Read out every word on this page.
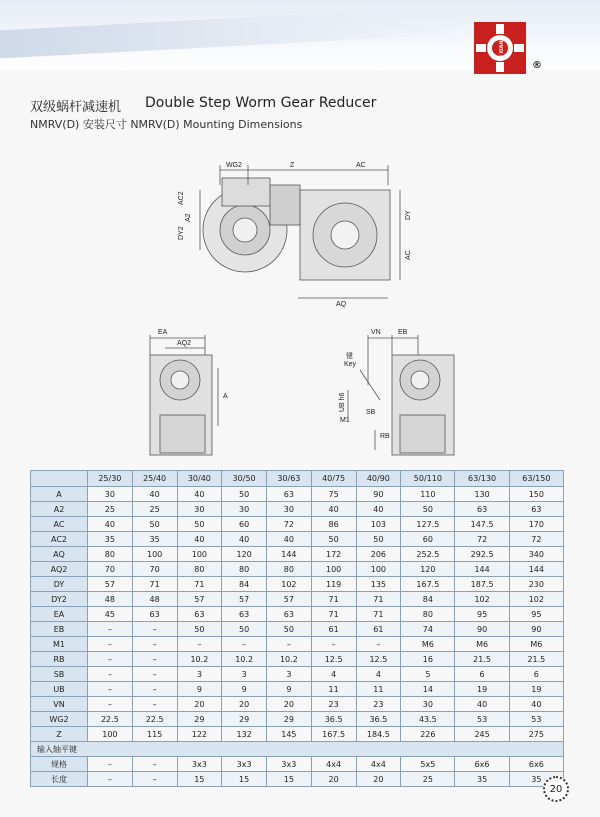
JI XIANG
®
双级蜗杆减速机 Double Step Worm Gear Reducer
NMRV(D) 安装尺寸 NMRV(D) Mounting Dimensions
WG2	Z	AC
AC2
A2
DY2
DY
AC
AQ
EA
AQ2
A
VN EB
键
Key
UB h6
SB
M1
RB
	25/30	25/40	30/40	30/50	30/63	40/75	40/90	50/110	63/130	63/150
A	30	40	40	50	63	75	90	110	130	150
A2	25	25	30	30	30	40	40	50	63	63
AC	40	50	50	60	72	86	103	127.5	147.5	170
AC2	35	35	40	40	40	50	50	60	72	72
AQ	80	100	100	120	144	172	206	252.5	292.5	340
AQ2	70	70	80	80	80	100	100	120	144	144
DY	57	71	71	84	102	119	135	167.5	187.5	230
DY2	48	48	57	57	57	71	71	84	102	102
EA	45	63	63	63	63	71	71	80	95	95
EB	–	–	50	50	50	61	61	74	90	90
M1	–	–	–	–	–	–	–	M6	M6	M6
RB	–	–	10.2	10.2	10.2	12.5	12.5	16	21.5	21.5
SB	–	–	3	3	3	4	4	5	6	6
UB	–	–	9	9	9	11	11	14	19	19
VN	–	–	20	20	20	23	23	30	40	40
WG2	22.5	22.5	29	29	29	36.5	36.5	43.5	53	53
Z	100	115	122	132	145	167.5	184.5	226	245	275
输入轴平键										
规格	–	–	3x3	3x3	3x3	4x4	4x4	5x5	6x6	6x6
长度	–	–	15	15	15	20	20	25	35	35
20
